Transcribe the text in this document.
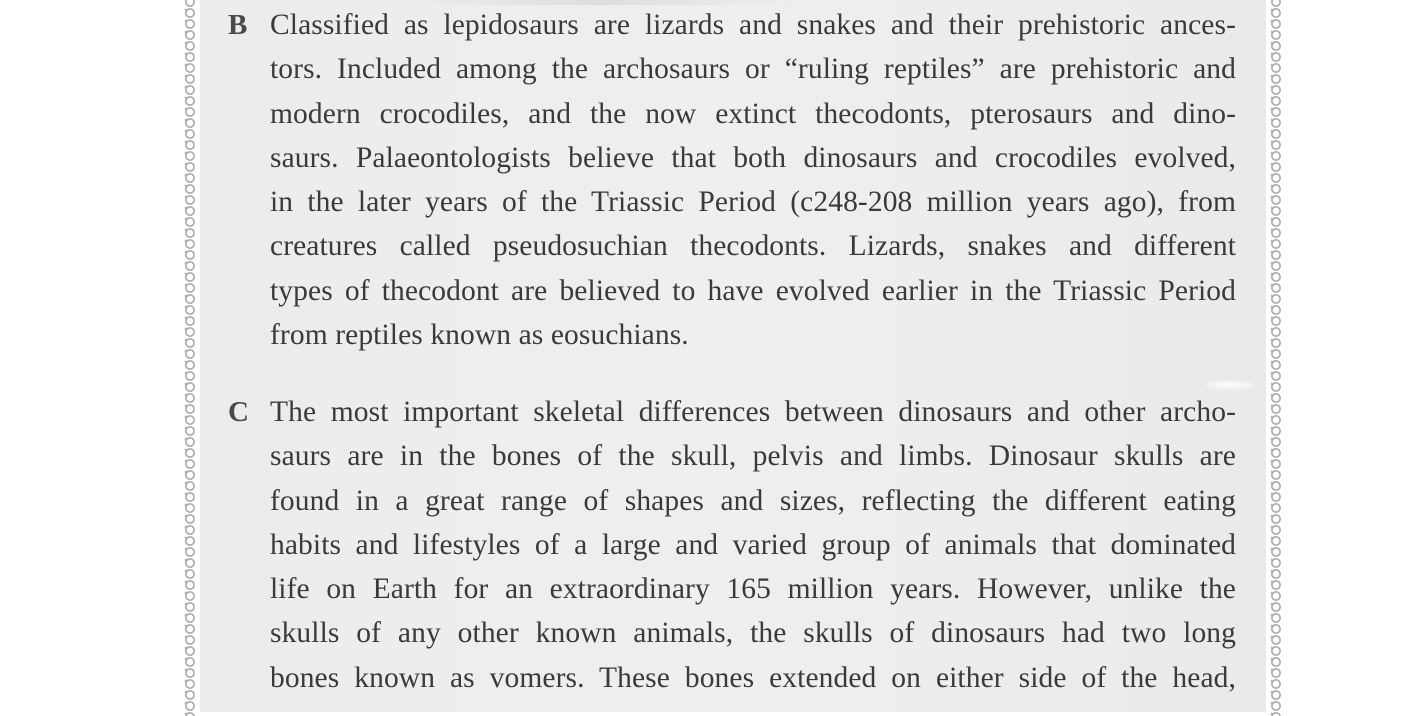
B Classified as lepidosaurs are lizards and snakes and their prehistoric ances-
tors. Included among the archosaurs or “ruling reptiles” are prehistoric and
modern crocodiles, and the now extinct thecodonts, pterosaurs and dino-
saurs. Palaeontologists believe that both dinosaurs and crocodiles evolved,
in the later years of the Triassic Period (c248-208 million years ago), from
creatures called pseudosuchian thecodonts. Lizards, snakes and different
types of thecodont are believed to have evolved earlier in the Triassic Period
from reptiles known as eosuchians.
C The most important skeletal differences between dinosaurs and other archo-
saurs are in the bones of the skull, pelvis and limbs. Dinosaur skulls are
found in a great range of shapes and sizes, reflecting the different eating
habits and lifestyles of a large and varied group of animals that dominated
life on Earth for an extraordinary 165 million years. However, unlike the
skulls of any other known animals, the skulls of dinosaurs had two long
bones known as vomers. These bones extended on either side of the head,
